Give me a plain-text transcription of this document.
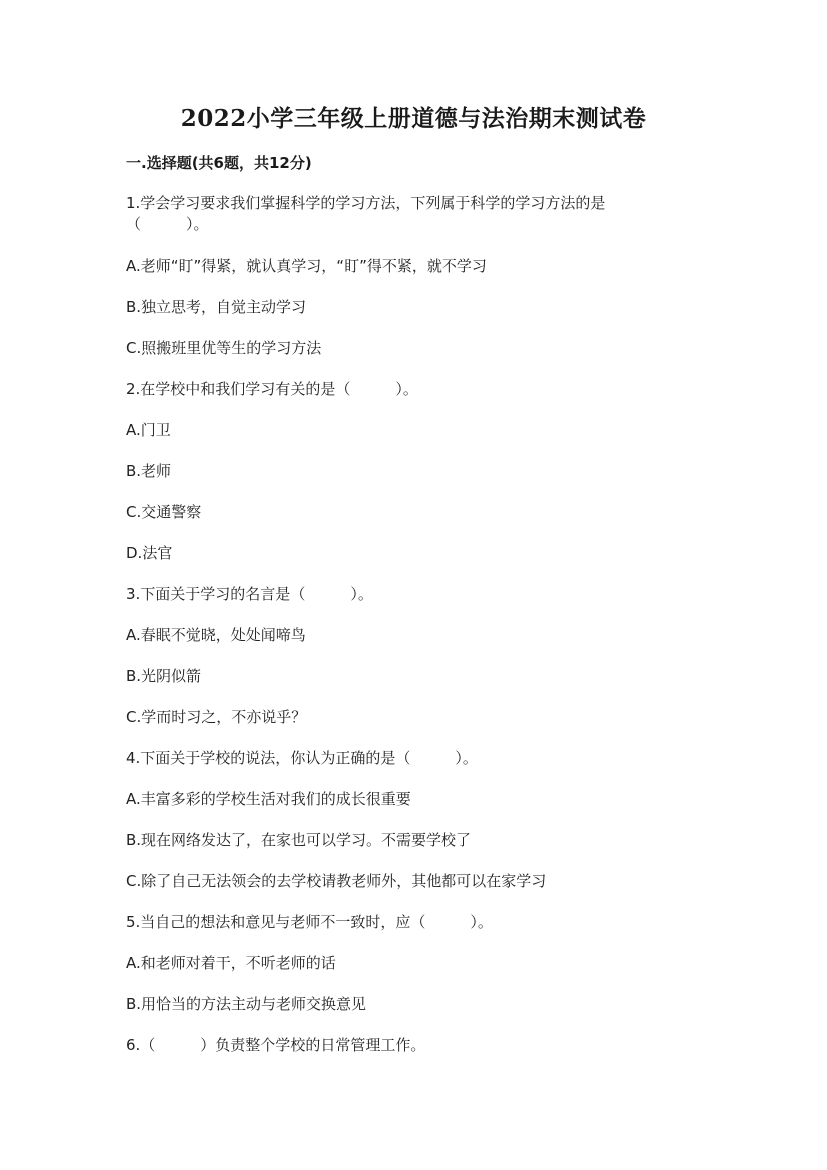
2022小学三年级上册道德与法治期末测试卷
一.选择题(共6题，共12分)
1.学会学习要求我们掌握科学的学习方法，下列属于科学的学习方法的是
（　　　）。
A.老师“盯”得紧，就认真学习，“盯”得不紧，就不学习
B.独立思考，自觉主动学习
C.照搬班里优等生的学习方法
2.在学校中和我们学习有关的是（　　　）。
A.门卫
B.老师
C.交通警察
D.法官
3.下面关于学习的名言是（　　　）。
A.春眠不觉晓，处处闻啼鸟
B.光阴似箭
C.学而时习之，不亦说乎？
4.下面关于学校的说法，你认为正确的是（　　　）。
A.丰富多彩的学校生活对我们的成长很重要
B.现在网络发达了，在家也可以学习。不需要学校了
C.除了自己无法领会的去学校请教老师外，其他都可以在家学习
5.当自己的想法和意见与老师不一致时，应（　　　）。
A.和老师对着干，不听老师的话
B.用恰当的方法主动与老师交换意见
6.（　　　）负责整个学校的日常管理工作。
